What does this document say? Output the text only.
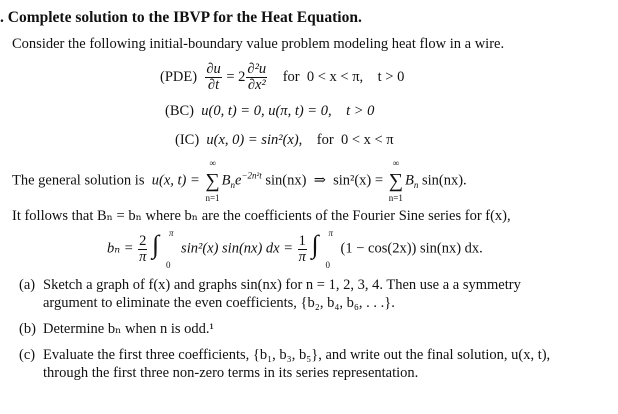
. Complete solution to the IBVP for the Heat Equation.
Consider the following initial-boundary value problem modeling heat flow in a wire.
$(PDE) \frac{\partial u}{\partial t} = 2 \frac{\text{∂²u}}{\text{∂x²}}$ for  0 < x < π,    t > 0
(BC) u(0, t) = 0, u(π, t) = 0,    t > 0
(IC) u(x, 0) = sin²(x), for  0 < x < π
The general solution is u(x, t) =
∞
∑
n=1
$B_ne^{-2n^2t}$ sin(nx)  ⇒  sin²(x) =
∞
∑
n=1
$B_n$ sin(nx).
It follows that Bₙ = bₙ where bₙ are the coefficients of the Fourier Sine series for f(x),
$b_n = \frac{2}{\pi}$
∫ π
0
sin²(x) sin(nx) dx = $\frac{1}{\pi}$
∫ π
0
(1 − cos(2x)) sin(nx) dx.
(a) Sketch a graph of f(x) and graphs sin(nx) for n = 1, 2, 3, 4. Then use a a symmetry
argument to eliminate the even coefficients, {b₂, b₄, b₆, . . .}.
(b) Determine bₙ when n is odd.¹
(c) Evaluate the first three coefficients, {b₁, b₃, b₅}, and write out the final solution, u(x, t),
through the first three non-zero terms in its series representation.
